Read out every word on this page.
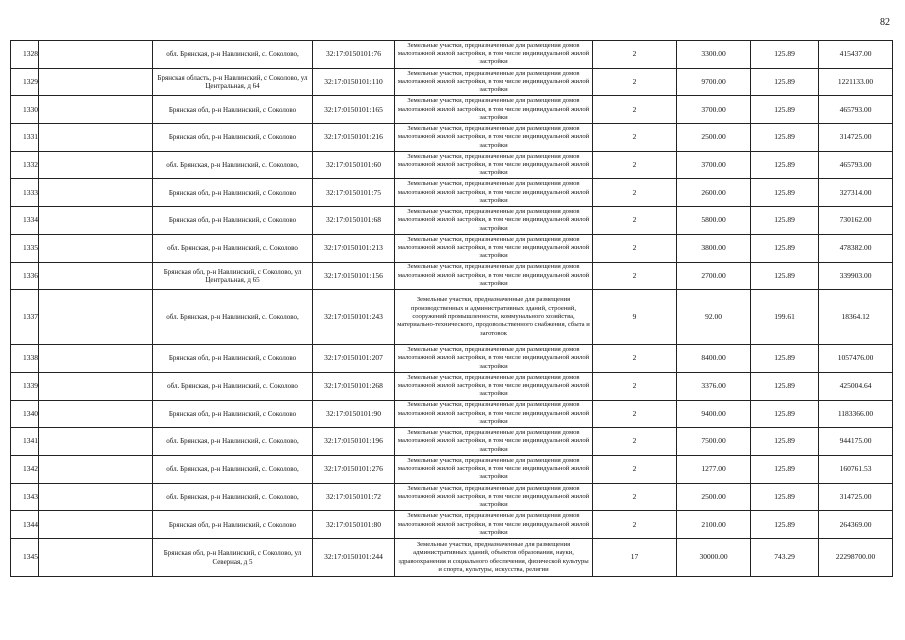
82
1328		обл. Брянская, р-н Навлинский, с. Соколово,	32:17:0150101:76	Земельные участки, предназначенные для размещения домов малоэтажной жилой застройки, в том числе индивидуальной жилой застройки	2	3300.00	125.89	415437.00
1329		Брянская область, р-н Навлинский, с Соколово, ул Центральная, д 64	32:17:0150101:110	Земельные участки, предназначенные для размещения домов малоэтажной жилой застройки, в том числе индивидуальной жилой застройки	2	9700.00	125.89	1221133.00
1330		Брянская обл, р-н Навлинский, с Соколово	32:17:0150101:165	Земельные участки, предназначенные для размещения домов малоэтажной жилой застройки, в том числе индивидуальной жилой застройки	2	3700.00	125.89	465793.00
1331		Брянская обл, р-н Навлинский, с Соколово	32:17:0150101:216	Земельные участки, предназначенные для размещения домов малоэтажной жилой застройки, в том числе индивидуальной жилой застройки	2	2500.00	125.89	314725.00
1332		обл. Брянская, р-н Навлинский, с. Соколово,	32:17:0150101:60	Земельные участки, предназначенные для размещения домов малоэтажной жилой застройки, в том числе индивидуальной жилой застройки	2	3700.00	125.89	465793.00
1333		Брянская обл, р-н Навлинский, с Соколово	32:17:0150101:75	Земельные участки, предназначенные для размещения домов малоэтажной жилой застройки, в том числе индивидуальной жилой застройки	2	2600.00	125.89	327314.00
1334		Брянская обл, р-н Навлинский, с Соколово	32:17:0150101:68	Земельные участки, предназначенные для размещения домов малоэтажной жилой застройки, в том числе индивидуальной жилой застройки	2	5800.00	125.89	730162.00
1335		обл. Брянская, р-н Навлинский, с. Соколово	32:17:0150101:213	Земельные участки, предназначенные для размещения домов малоэтажной жилой застройки, в том числе индивидуальной жилой застройки	2	3800.00	125.89	478382.00
1336		Брянская обл, р-н Навлинский, с Соколово, ул Центральная, д 65	32:17:0150101:156	Земельные участки, предназначенные для размещения домов малоэтажной жилой застройки, в том числе индивидуальной жилой застройки	2	2700.00	125.89	339903.00
1337		обл. Брянская, р-н Навлинский, с. Соколово,	32:17:0150101:243	Земельные участки, предназначенные для размещения производственных и административных зданий, строений, сооружений промышленности, коммунального хозяйства, материально-технического, продовольственного снабжения, сбыта и заготовок	9	92.00	199.61	18364.12
1338		Брянская обл, р-н Навлинский, с Соколово	32:17:0150101:207	Земельные участки, предназначенные для размещения домов малоэтажной жилой застройки, в том числе индивидуальной жилой застройки	2	8400.00	125.89	1057476.00
1339		обл. Брянская, р-н Навлинский, с. Соколово	32:17:0150101:268	Земельные участки, предназначенные для размещения домов малоэтажной жилой застройки, в том числе индивидуальной жилой застройки	2	3376.00	125.89	425004.64
1340		Брянская обл, р-н Навлинский, с Соколово	32:17:0150101:90	Земельные участки, предназначенные для размещения домов малоэтажной жилой застройки, в том числе индивидуальной жилой застройки	2	9400.00	125.89	1183366.00
1341		обл. Брянская, р-н Навлинский, с. Соколово,	32:17:0150101:196	Земельные участки, предназначенные для размещения домов малоэтажной жилой застройки, в том числе индивидуальной жилой застройки	2	7500.00	125.89	944175.00
1342		обл. Брянская, р-н Навлинский, с. Соколово,	32:17:0150101:276	Земельные участки, предназначенные для размещения домов малоэтажной жилой застройки, в том числе индивидуальной жилой застройки	2	1277.00	125.89	160761.53
1343		обл. Брянская, р-н Навлинский, с. Соколово,	32:17:0150101:72	Земельные участки, предназначенные для размещения домов малоэтажной жилой застройки, в том числе индивидуальной жилой застройки	2	2500.00	125.89	314725.00
1344		Брянская обл, р-н Навлинский, с Соколово	32:17:0150101:80	Земельные участки, предназначенные для размещения домов малоэтажной жилой застройки, в том числе индивидуальной жилой застройки	2	2100.00	125.89	264369.00
1345		Брянская обл, р-н Навлинский, с Соколово, ул Северная, д 5	32:17:0150101:244	Земельные участки, предназначенные для размещения административных зданий, объектов образования, науки, здравоохранения и социального обеспечения, физической культуры и спорта, культуры, искусства, религии	17	30000.00	743.29	22298700.00
